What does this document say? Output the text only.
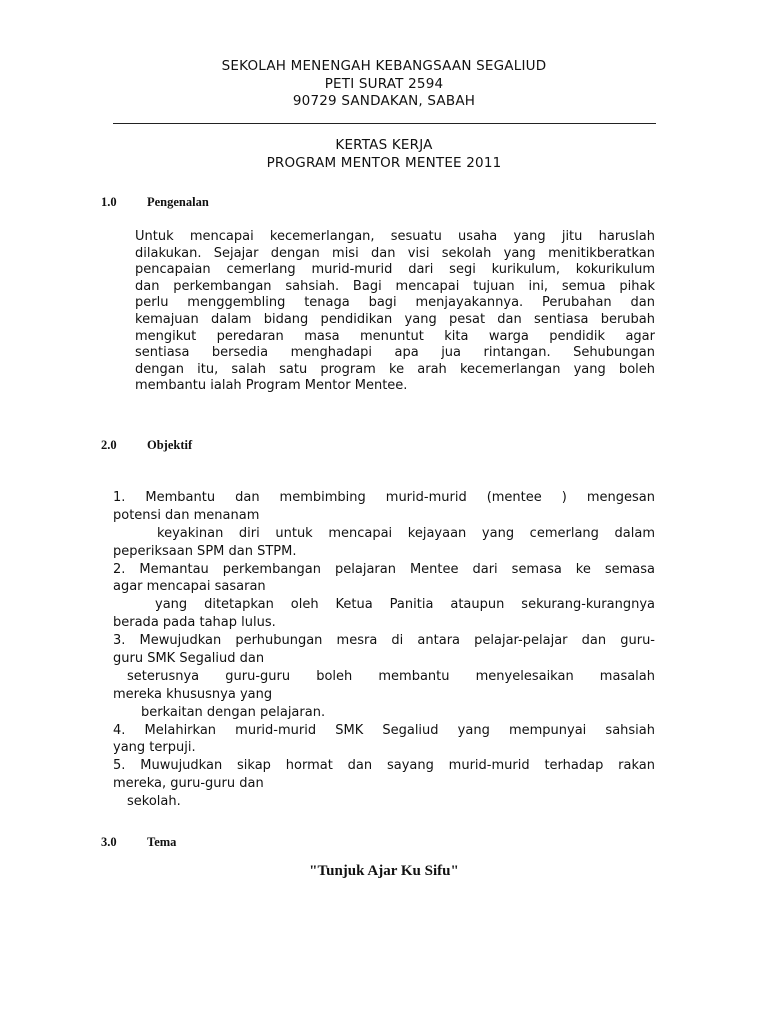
SEKOLAH MENENGAH KEBANGSAAN SEGALIUD
PETI SURAT 2594
90729 SANDAKAN, SABAH
KERTAS KERJA
PROGRAM MENTOR MENTEE 2011
1.0 Pengenalan
Untuk mencapai kecemerlangan, sesuatu usaha yang jitu haruslah
dilakukan. Sejajar dengan misi dan visi sekolah yang menitikberatkan
pencapaian cemerlang murid-murid dari segi kurikulum, kokurikulum
dan perkembangan sahsiah. Bagi mencapai tujuan ini, semua pihak
perlu menggembling tenaga bagi menjayakannya. Perubahan dan
kemajuan dalam bidang pendidikan yang pesat dan sentiasa berubah
mengikut peredaran masa menuntut kita warga pendidik agar
sentiasa bersedia menghadapi apa jua rintangan. Sehubungan
dengan itu, salah satu program ke arah kecemerlangan yang boleh
membantu ialah Program Mentor Mentee.
2.0 Objektif
1. Membantu dan membimbing murid-murid (mentee ) mengesan
potensi dan menanam
keyakinan diri untuk mencapai kejayaan yang cemerlang dalam
peperiksaan SPM dan STPM.
2. Memantau perkembangan pelajaran Mentee dari semasa ke semasa
agar mencapai sasaran
yang ditetapkan oleh Ketua Panitia ataupun sekurang-kurangnya
berada pada tahap lulus.
3. Mewujudkan perhubungan mesra di antara pelajar-pelajar dan guru-
guru SMK Segaliud dan
seterusnya guru-guru boleh membantu menyelesaikan masalah
mereka khususnya yang
berkaitan dengan pelajaran.
4. Melahirkan murid-murid SMK Segaliud yang mempunyai sahsiah
yang terpuji.
5. Muwujudkan sikap hormat dan sayang murid-murid terhadap rakan
mereka, guru-guru dan
sekolah.
3.0 Tema
"Tunjuk Ajar Ku Sifu"
